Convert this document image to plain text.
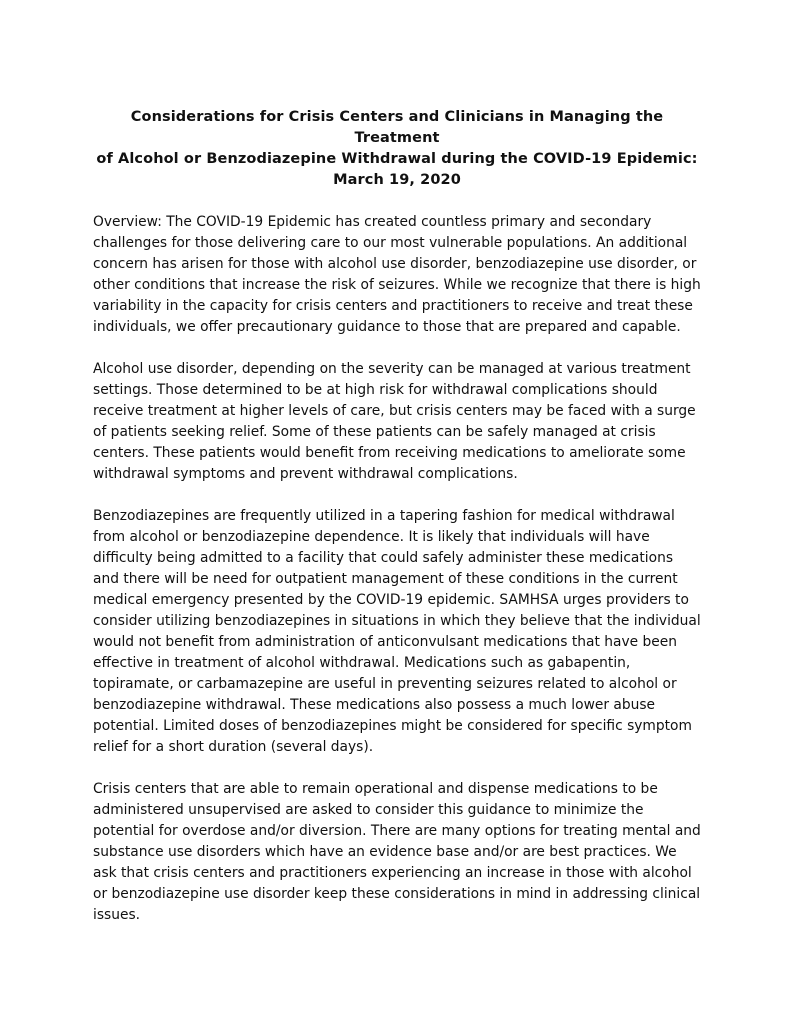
Considerations for Crisis Centers and Clinicians in Managing the Treatment
of Alcohol or Benzodiazepine Withdrawal during the COVID-19 Epidemic:
March 19, 2020

Overview: The COVID-19 Epidemic has created countless primary and secondary challenges for those delivering care to our most vulnerable populations. An additional concern has arisen for those with alcohol use disorder, benzodiazepine use disorder, or other conditions that increase the risk of seizures. While we recognize that there is high variability in the capacity for crisis centers and practitioners to receive and treat these individuals, we offer precautionary guidance to those that are prepared and capable.

Alcohol use disorder, depending on the severity can be managed at various treatment settings. Those determined to be at high risk for withdrawal complications should receive treatment at higher levels of care, but crisis centers may be faced with a surge of patients seeking relief. Some of these patients can be safely managed at crisis centers. These patients would benefit from receiving medications to ameliorate some withdrawal symptoms and prevent withdrawal complications.

Benzodiazepines are frequently utilized in a tapering fashion for medical withdrawal from alcohol or benzodiazepine dependence. It is likely that individuals will have difficulty being admitted to a facility that could safely administer these medications and there will be need for outpatient management of these conditions in the current medical emergency presented by the COVID-19 epidemic. SAMHSA urges providers to consider utilizing benzodiazepines in situations in which they believe that the individual would not benefit from administration of anticonvulsant medications that have been effective in treatment of alcohol withdrawal. Medications such as gabapentin, topiramate, or carbamazepine are useful in preventing seizures related to alcohol or benzodiazepine withdrawal. These medications also possess a much lower abuse potential. Limited doses of benzodiazepines might be considered for specific symptom relief for a short duration (several days).

Crisis centers that are able to remain operational and dispense medications to be administered unsupervised are asked to consider this guidance to minimize the potential for overdose and/or diversion. There are many options for treating mental and substance use disorders which have an evidence base and/or are best practices. We ask that crisis centers and practitioners experiencing an increase in those with alcohol or benzodiazepine use disorder keep these considerations in mind in addressing clinical issues.
